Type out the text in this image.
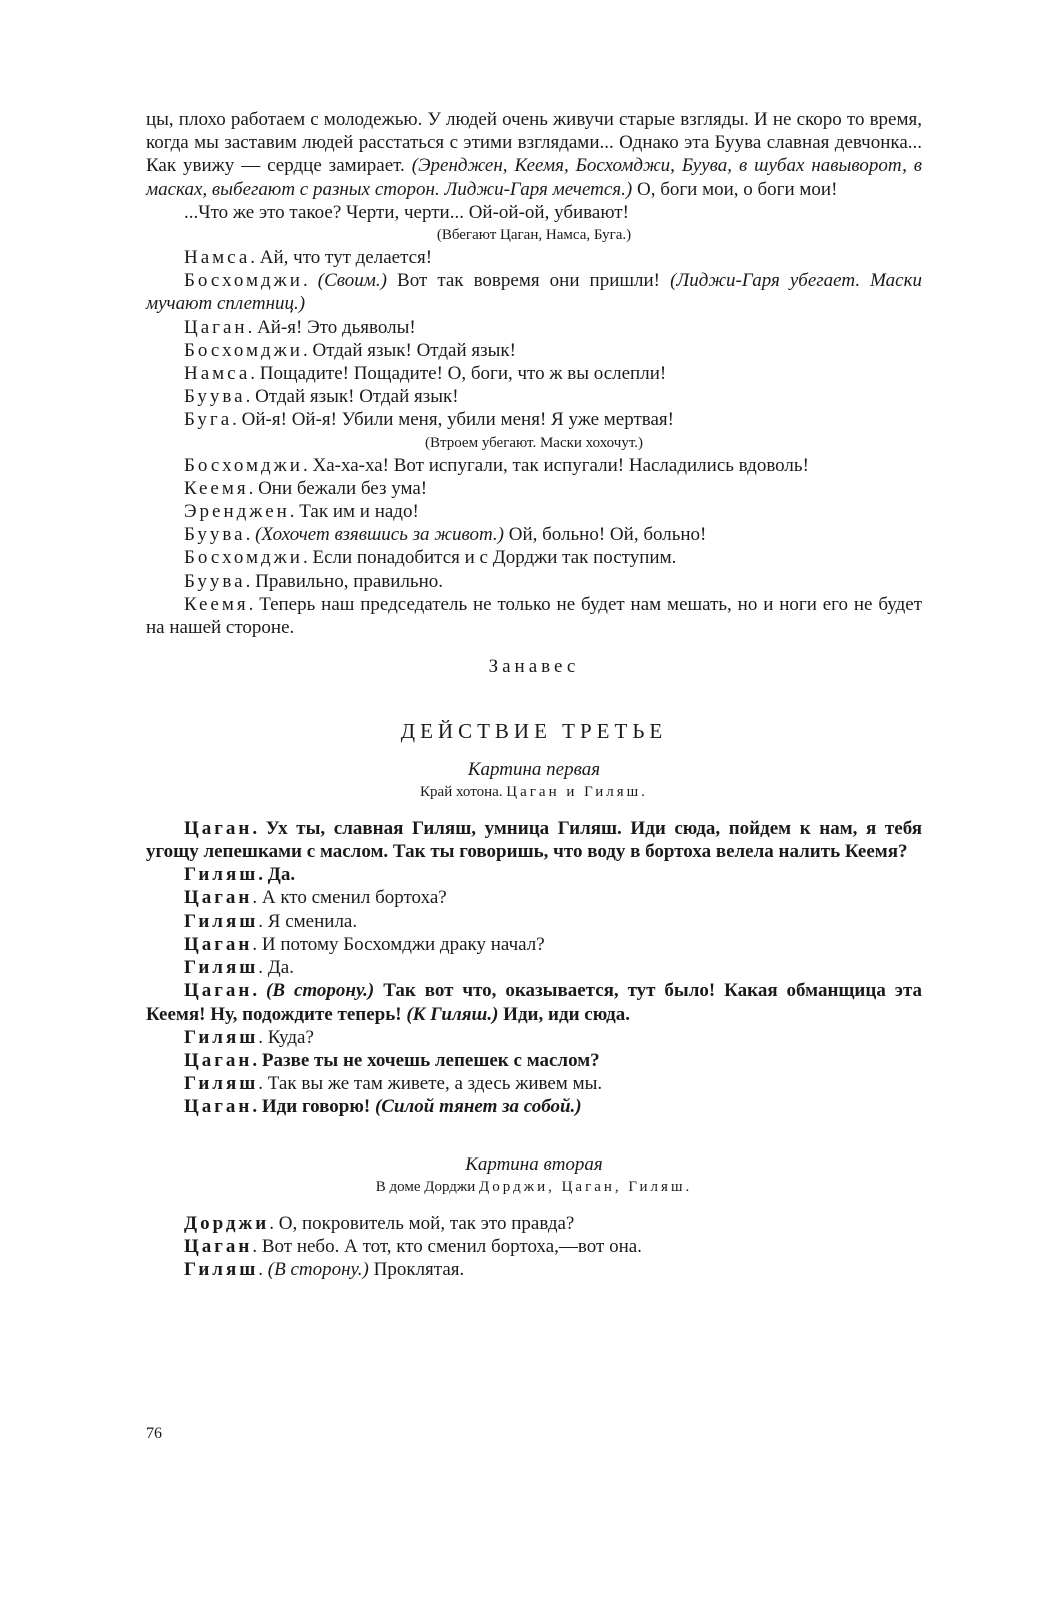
цы, плохо работаем с молодежью. У людей очень живучи старые взгляды. И не скоро то время, когда мы заставим людей расстаться с этими взглядами... Однако эта Буува славная девчонка... Как увижу — сердце замирает. (Эренджен, Кеемя, Босхомджи, Буува, в шубах навыворот, в масках, выбегают с разных сторон. Лиджи-Гаря мечется.) О, боги мои, о боги мои!

...Что же это такое? Черти, черти... Ой-ой-ой, убивают!

(Вбегают Цаган, Намса, Буга.)

Намса. Ай, что тут делается!

Босхомджи. (Своим.) Вот так вовремя они пришли! (Лиджи-Гаря убегает. Маски мучают сплетниц.)

Цаган. Ай-я! Это дьяволы!

Босхомджи. Отдай язык! Отдай язык!

Намса. Пощадите! Пощадите! О, боги, что ж вы ослепли!

Буува. Отдай язык! Отдай язык!

Буга. Ой-я! Ой-я! Убили меня, убили меня! Я уже мертвая!

(Втроем убегают. Маски хохочут.)

Босхомджи. Ха-ха-ха! Вот испугали, так испугали! Насладились вдоволь!

Кеемя. Они бежали без ума!

Эренджен. Так им и надо!

Буува. (Хохочет взявшись за живот.) Ой, больно! Ой, больно!

Босхомджи. Если понадобится и с Дорджи так поступим.

Буува. Правильно, правильно.

Кеемя. Теперь наш председатель не только не будет нам мешать, но и ноги его не будет на нашей стороне.

Занавес

ДЕЙСТВИЕ ТРЕТЬЕ

Картина первая

Край хотона. Цаган и Гиляш.

Цаган. Ух ты, славная Гиляш, умница Гиляш. Иди сюда, пойдем к нам, я тебя угощу лепешками с маслом. Так ты говоришь, что воду в бортоха велела налить Кеемя?

Гиляш. Да.

Цаган. А кто сменил бортоха?

Гиляш. Я сменила.

Цаган. И потому Босхомджи драку начал?

Гиляш. Да.

Цаган. (В сторону.) Так вот что, оказывается, тут было! Какая обманщица эта Кеемя! Ну, подождите теперь! (К Гиляш.) Иди, иди сюда.

Гиляш. Куда?

Цаган. Разве ты не хочешь лепешек с маслом?

Гиляш. Так вы же там живете, а здесь живем мы.

Цаган. Иди говорю! (Силой тянет за собой.)

Картина вторая

В доме Дорджи Дорджи, Цаган, Гиляш.

Дорджи. О, покровитель мой, так это правда?

Цаган. Вот небо. А тот, кто сменил бортоха,—вот она.

Гиляш. (В сторону.) Проклятая.

76
